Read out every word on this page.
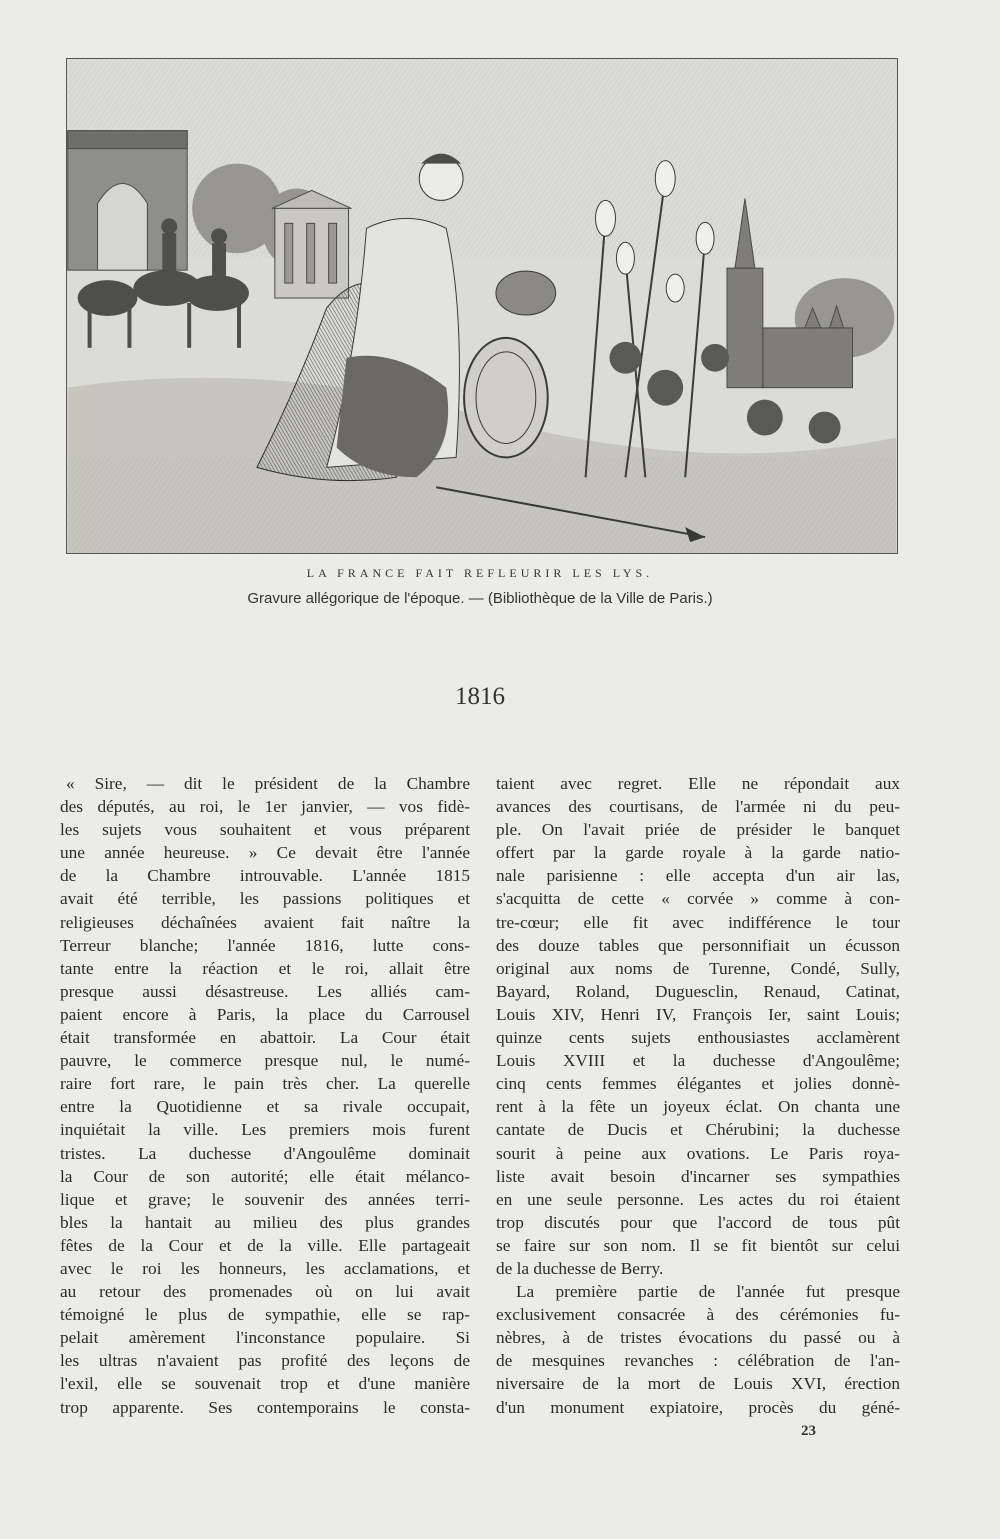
LA FRANCE FAIT REFLEURIR LES LYS.
Gravure allégorique de l'époque. — (Bibliothèque de la Ville de Paris.)
1816
« Sire, — dit le président de la Chambre
des députés, au roi, le 1er janvier, — vos fidè-
les sujets vous souhaitent et vous préparent
une année heureuse. » Ce devait être l'année
de la Chambre introuvable. L'année 1815
avait été terrible, les passions politiques et
religieuses déchaînées avaient fait naître la
Terreur blanche; l'année 1816, lutte cons-
tante entre la réaction et le roi, allait être
presque aussi désastreuse. Les alliés cam-
paient encore à Paris, la place du Carrousel
était transformée en abattoir. La Cour était
pauvre, le commerce presque nul, le numé-
raire fort rare, le pain très cher. La querelle
entre la Quotidienne et sa rivale occupait,
inquiétait la ville. Les premiers mois furent
tristes. La duchesse d'Angoulême dominait
la Cour de son autorité; elle était mélanco-
lique et grave; le souvenir des années terri-
bles la hantait au milieu des plus grandes
fêtes de la Cour et de la ville. Elle partageait
avec le roi les honneurs, les acclamations, et
au retour des promenades où on lui avait
témoigné le plus de sympathie, elle se rap-
pelait amèrement l'inconstance populaire. Si
les ultras n'avaient pas profité des leçons de
l'exil, elle se souvenait trop et d'une manière
trop apparente. Ses contemporains le consta-
taient avec regret. Elle ne répondait aux
avances des courtisans, de l'armée ni du peu-
ple. On l'avait priée de présider le banquet
offert par la garde royale à la garde natio-
nale parisienne : elle accepta d'un air las,
s'acquitta de cette « corvée » comme à con-
tre-cœur; elle fit avec indifférence le tour
des douze tables que personnifiait un écusson
original aux noms de Turenne, Condé, Sully,
Bayard, Roland, Duguesclin, Renaud, Catinat,
Louis XIV, Henri IV, François Ier, saint Louis;
quinze cents sujets enthousiastes acclamèrent
Louis XVIII et la duchesse d'Angoulême;
cinq cents femmes élégantes et jolies donnè-
rent à la fête un joyeux éclat. On chanta une
cantate de Ducis et Chérubini; la duchesse
sourit à peine aux ovations. Le Paris roya-
liste avait besoin d'incarner ses sympathies
en une seule personne. Les actes du roi étaient
trop discutés pour que l'accord de tous pût
se faire sur son nom. Il se fit bientôt sur celui
de la duchesse de Berry.
La première partie de l'année fut presque
exclusivement consacrée à des cérémonies fu-
nèbres, à de tristes évocations du passé ou à
de mesquines revanches : célébration de l'an-
niversaire de la mort de Louis XVI, érection
d'un monument expiatoire, procès du géné-
23
